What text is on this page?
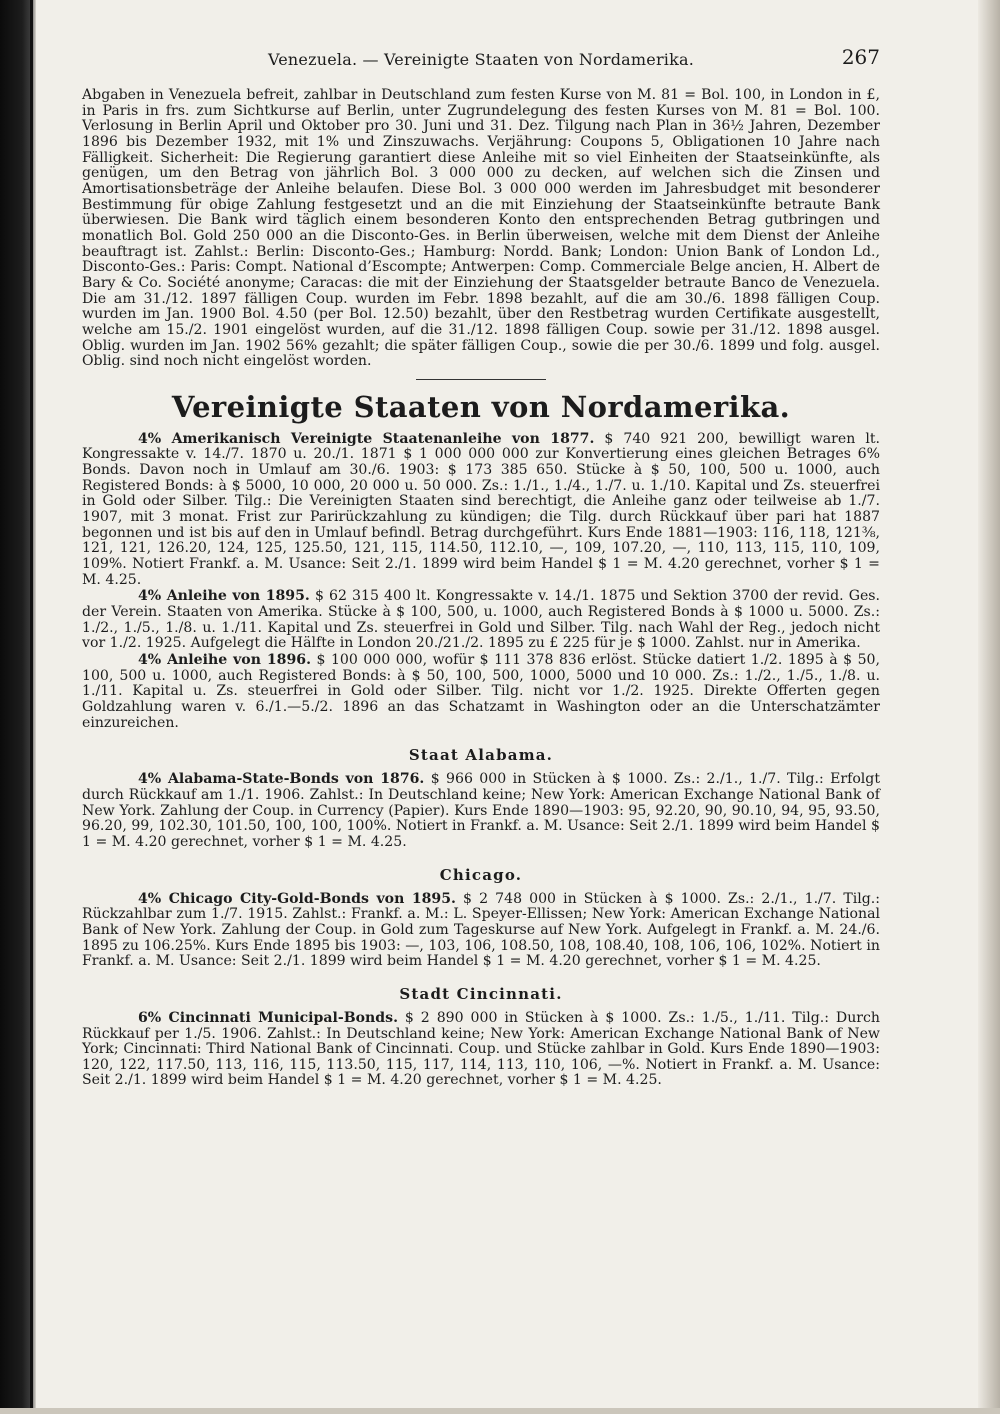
Venezuela. — Vereinigte Staaten von Nordamerika.	267

Abgaben in Venezuela befreit, zahlbar in Deutschland zum festen Kurse von M. 81 = Bol. 100, in London in £, in Paris in frs. zum Sichtkurse auf Berlin, unter Zugrundelegung des festen Kurses von M. 81 = Bol. 100. Verlosung in Berlin April und Oktober pro 30. Juni und 31. Dez. Tilgung nach Plan in 36½ Jahren, Dezember 1896 bis Dezember 1932, mit 1% und Zinszuwachs. Verjährung: Coupons 5, Obligationen 10 Jahre nach Fälligkeit. Sicherheit: Die Regierung garantiert diese Anleihe mit so viel Einheiten der Staatseinkünfte, als genügen, um den Betrag von jährlich Bol. 3 000 000 zu decken, auf welchen sich die Zinsen und Amortisationsbeträge der Anleihe belaufen. Diese Bol. 3 000 000 werden im Jahresbudget mit besonderer Bestimmung für obige Zahlung festgesetzt und an die mit Einziehung der Staatseinkünfte betraute Bank überwiesen. Die Bank wird täglich einem besonderen Konto den entsprechenden Betrag gutbringen und monatlich Bol. Gold 250 000 an die Disconto-Ges. in Berlin überweisen, welche mit dem Dienst der Anleihe beauftragt ist. Zahlst.: Berlin: Disconto-Ges.; Hamburg: Nordd. Bank; London: Union Bank of London Ld., Disconto-Ges.: Paris: Compt. National d’Escompte; Antwerpen: Comp. Commerciale Belge ancien, H. Albert de Bary & Co. Société anonyme; Caracas: die mit der Einziehung der Staatsgelder betraute Banco de Venezuela. Die am 31./12. 1897 fälligen Coup. wurden im Febr. 1898 bezahlt, auf die am 30./6. 1898 fälligen Coup. wurden im Jan. 1900 Bol. 4.50 (per Bol. 12.50) bezahlt, über den Restbetrag wurden Certifikate ausgestellt, welche am 15./2. 1901 eingelöst wurden, auf die 31./12. 1898 fälligen Coup. sowie per 31./12. 1898 ausgel. Oblig. wurden im Jan. 1902 56% gezahlt; die später fälligen Coup., sowie die per 30./6. 1899 und folg. ausgel. Oblig. sind noch nicht eingelöst worden.

Vereinigte Staaten von Nordamerika.

4% Amerikanisch Vereinigte Staatenanleihe von 1877. $ 740 921 200, bewilligt waren lt. Kongressakte v. 14./7. 1870 u. 20./1. 1871 $ 1 000 000 000 zur Konvertierung eines gleichen Betrages 6% Bonds. Davon noch in Umlauf am 30./6. 1903: $ 173 385 650. Stücke à $ 50, 100, 500 u. 1000, auch Registered Bonds: à $ 5000, 10 000, 20 000 u. 50 000. Zs.: 1./1., 1./4., 1./7. u. 1./10. Kapital und Zs. steuerfrei in Gold oder Silber. Tilg.: Die Vereinigten Staaten sind berechtigt, die Anleihe ganz oder teilweise ab 1./7. 1907, mit 3 monat. Frist zur Parirückzahlung zu kündigen; die Tilg. durch Rückkauf über pari hat 1887 begonnen und ist bis auf den in Umlauf befindl. Betrag durchgeführt. Kurs Ende 1881—1903: 116, 118, 121⅜, 121, 121, 126.20, 124, 125, 125.50, 121, 115, 114.50, 112.10, —, 109, 107.20, —, 110, 113, 115, 110, 109, 109%. Notiert Frankf. a. M. Usance: Seit 2./1. 1899 wird beim Handel $ 1 = M. 4.20 gerechnet, vorher $ 1 = M. 4.25.

4% Anleihe von 1895. $ 62 315 400 lt. Kongressakte v. 14./1. 1875 und Sektion 3700 der revid. Ges. der Verein. Staaten von Amerika. Stücke à $ 100, 500, u. 1000, auch Registered Bonds à $ 1000 u. 5000. Zs.: 1./2., 1./5., 1./8. u. 1./11. Kapital und Zs. steuerfrei in Gold und Silber. Tilg. nach Wahl der Reg., jedoch nicht vor 1./2. 1925. Aufgelegt die Hälfte in London 20./21./2. 1895 zu £ 225 für je $ 1000. Zahlst. nur in Amerika.

4% Anleihe von 1896. $ 100 000 000, wofür $ 111 378 836 erlöst. Stücke datiert 1./2. 1895 à $ 50, 100, 500 u. 1000, auch Registered Bonds: à $ 50, 100, 500, 1000, 5000 und 10 000. Zs.: 1./2., 1./5., 1./8. u. 1./11. Kapital u. Zs. steuerfrei in Gold oder Silber. Tilg. nicht vor 1./2. 1925. Direkte Offerten gegen Goldzahlung waren v. 6./1.—5./2. 1896 an das Schatzamt in Washington oder an die Unterschatzämter einzureichen.

Staat Alabama.

4% Alabama-State-Bonds von 1876. $ 966 000 in Stücken à $ 1000. Zs.: 2./1., 1./7. Tilg.: Erfolgt durch Rückkauf am 1./1. 1906. Zahlst.: In Deutschland keine; New York: American Exchange National Bank of New York. Zahlung der Coup. in Currency (Papier). Kurs Ende 1890—1903: 95, 92.20, 90, 90.10, 94, 95, 93.50, 96.20, 99, 102.30, 101.50, 100, 100, 100%. Notiert in Frankf. a. M. Usance: Seit 2./1. 1899 wird beim Handel $ 1 = M. 4.20 gerechnet, vorher $ 1 = M. 4.25.

Chicago.

4% Chicago City-Gold-Bonds von 1895. $ 2 748 000 in Stücken à $ 1000. Zs.: 2./1., 1./7. Tilg.: Rückzahlbar zum 1./7. 1915. Zahlst.: Frankf. a. M.: L. Speyer-Ellissen; New York: American Exchange National Bank of New York. Zahlung der Coup. in Gold zum Tageskurse auf New York. Aufgelegt in Frankf. a. M. 24./6. 1895 zu 106.25%. Kurs Ende 1895 bis 1903: —, 103, 106, 108.50, 108, 108.40, 108, 106, 106, 102%. Notiert in Frankf. a. M. Usance: Seit 2./1. 1899 wird beim Handel $ 1 = M. 4.20 gerechnet, vorher $ 1 = M. 4.25.

Stadt Cincinnati.

6% Cincinnati Municipal-Bonds. $ 2 890 000 in Stücken à $ 1000. Zs.: 1./5., 1./11. Tilg.: Durch Rückkauf per 1./5. 1906. Zahlst.: In Deutschland keine; New York: American Exchange National Bank of New York; Cincinnati: Third National Bank of Cincinnati. Coup. und Stücke zahlbar in Gold. Kurs Ende 1890—1903: 120, 122, 117.50, 113, 116, 115, 113.50, 115, 117, 114, 113, 110, 106, —%. Notiert in Frankf. a. M. Usance: Seit 2./1. 1899 wird beim Handel $ 1 = M. 4.20 gerechnet, vorher $ 1 = M. 4.25.
